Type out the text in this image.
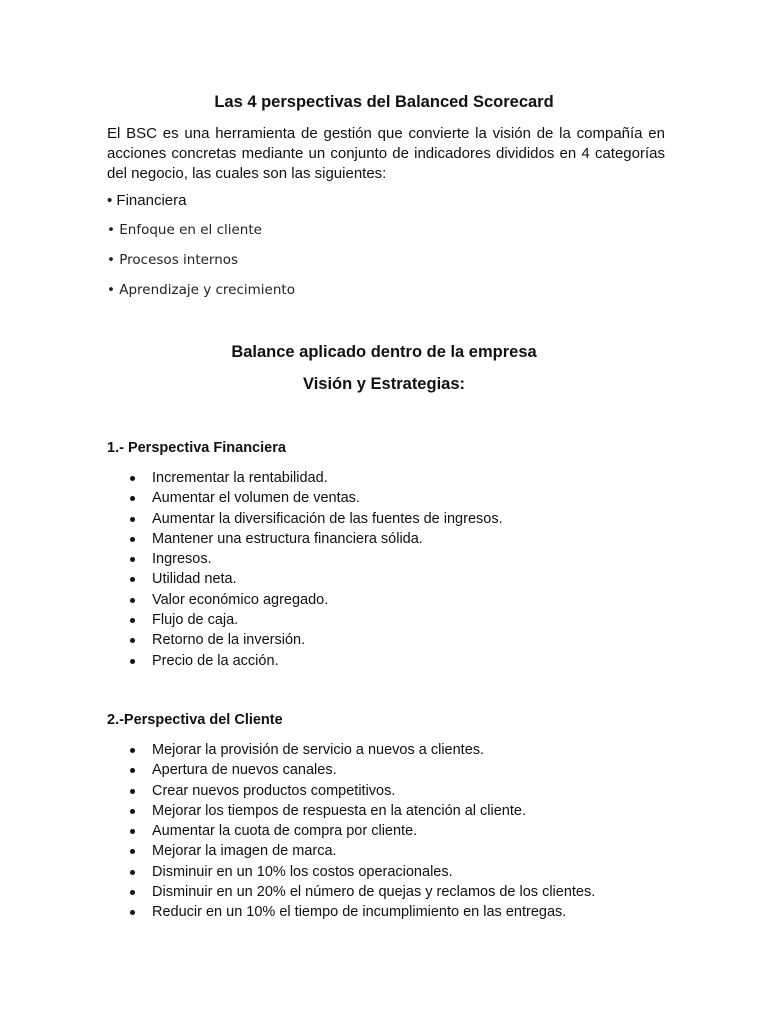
Las 4 perspectivas del Balanced Scorecard

El BSC es una herramienta de gestión que convierte la visión de la compañía en acciones concretas mediante un conjunto de indicadores divididos en 4 categorías del negocio, las cuales son las siguientes:

• Financiera
• Enfoque en el cliente
• Procesos internos
• Aprendizaje y crecimiento
Balance aplicado dentro de la empresa
Visión y Estrategias:
1.- Perspectiva Financiera
Incrementar la rentabilidad.
Aumentar el volumen de ventas.
Aumentar la diversificación de las fuentes de ingresos.
Mantener una estructura financiera sólida.
Ingresos.
Utilidad neta.
Valor económico agregado.
Flujo de caja.
Retorno de la inversión.
Precio de la acción.
2.-Perspectiva del Cliente
Mejorar la provisión de servicio a nuevos a clientes.
Apertura de nuevos canales.
Crear nuevos productos competitivos.
Mejorar los tiempos de respuesta en la atención al cliente.
Aumentar la cuota de compra por cliente.
Mejorar la imagen de marca.
Disminuir en un 10% los costos operacionales.
Disminuir en un 20% el número de quejas y reclamos de los clientes.
Reducir en un 10% el tiempo de incumplimiento en las entregas.
